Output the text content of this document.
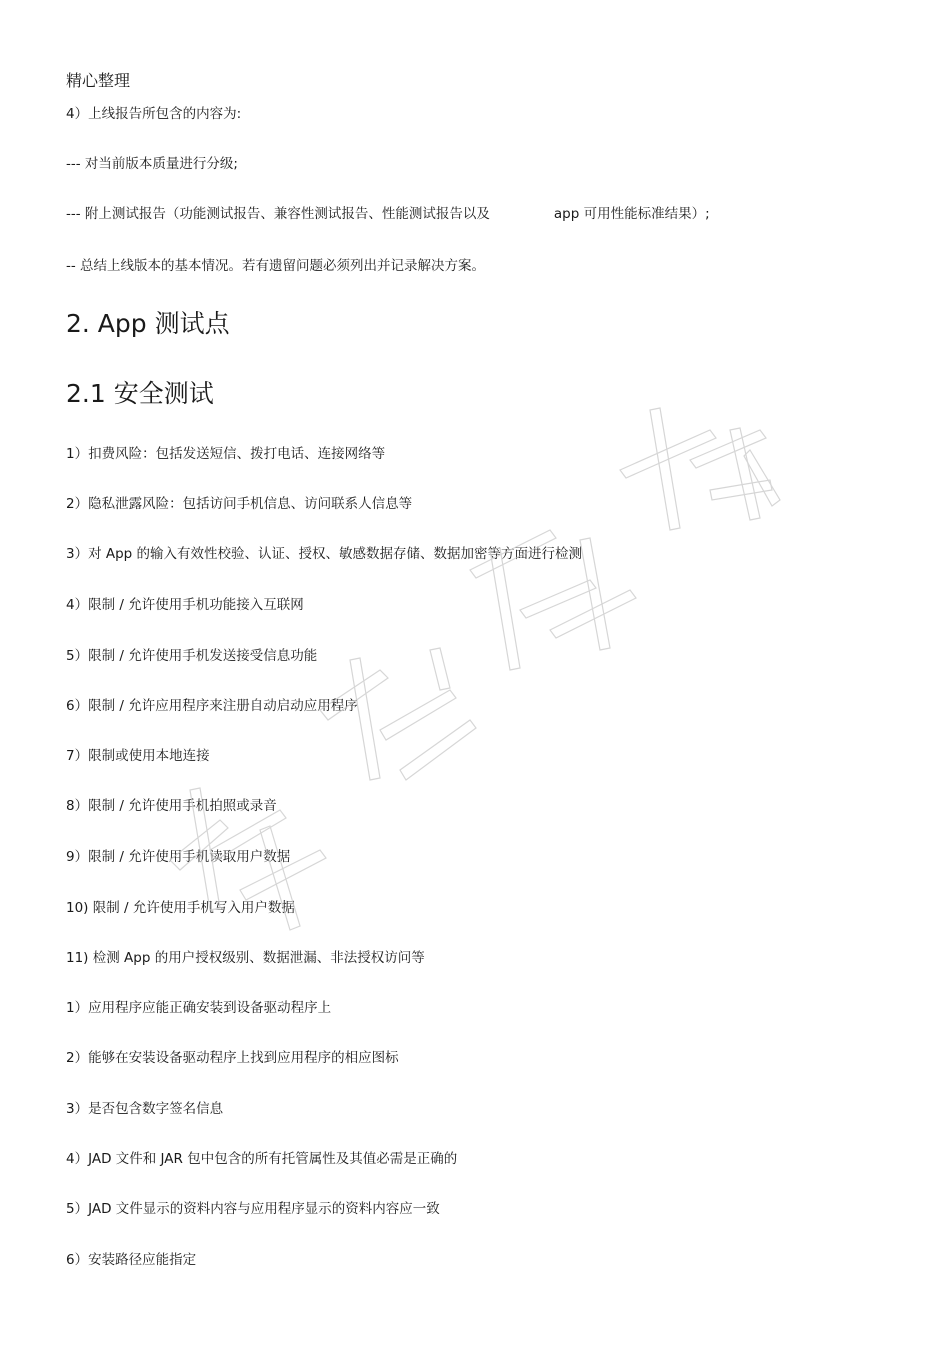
精心整理
4）上线报告所包含的内容为:
--- 对当前版本质量进行分级;
--- 附上测试报告（功能测试报告、兼容性测试报告、性能测试报告以及	app 可用性能标准结果）;
-- 总结上线版本的基本情况。若有遗留问题必须列出并记录解决方案。
2. App 测试点
2.1 安全测试
1）扣费风险：包括发送短信、拨打电话、连接网络等
2）隐私泄露风险：包括访问手机信息、访问联系人信息等
3）对 App 的输入有效性校验、认证、授权、敏感数据存储、数据加密等方面进行检测
4）限制 / 允许使用手机功能接入互联网
5）限制 / 允许使用手机发送接受信息功能
6）限制 / 允许应用程序来注册自动启动应用程序
7）限制或使用本地连接
8）限制 / 允许使用手机拍照或录音
9）限制 / 允许使用手机读取用户数据
10) 限制 / 允许使用手机写入用户数据
11) 检测 App 的用户授权级别、数据泄漏、非法授权访问等
1）应用程序应能正确安装到设备驱动程序上
2）能够在安装设备驱动程序上找到应用程序的相应图标
3）是否包含数字签名信息
4）JAD 文件和 JAR 包中包含的所有托管属性及其值必需是正确的
5）JAD 文件显示的资料内容与应用程序显示的资料内容应一致
6）安装路径应能指定
